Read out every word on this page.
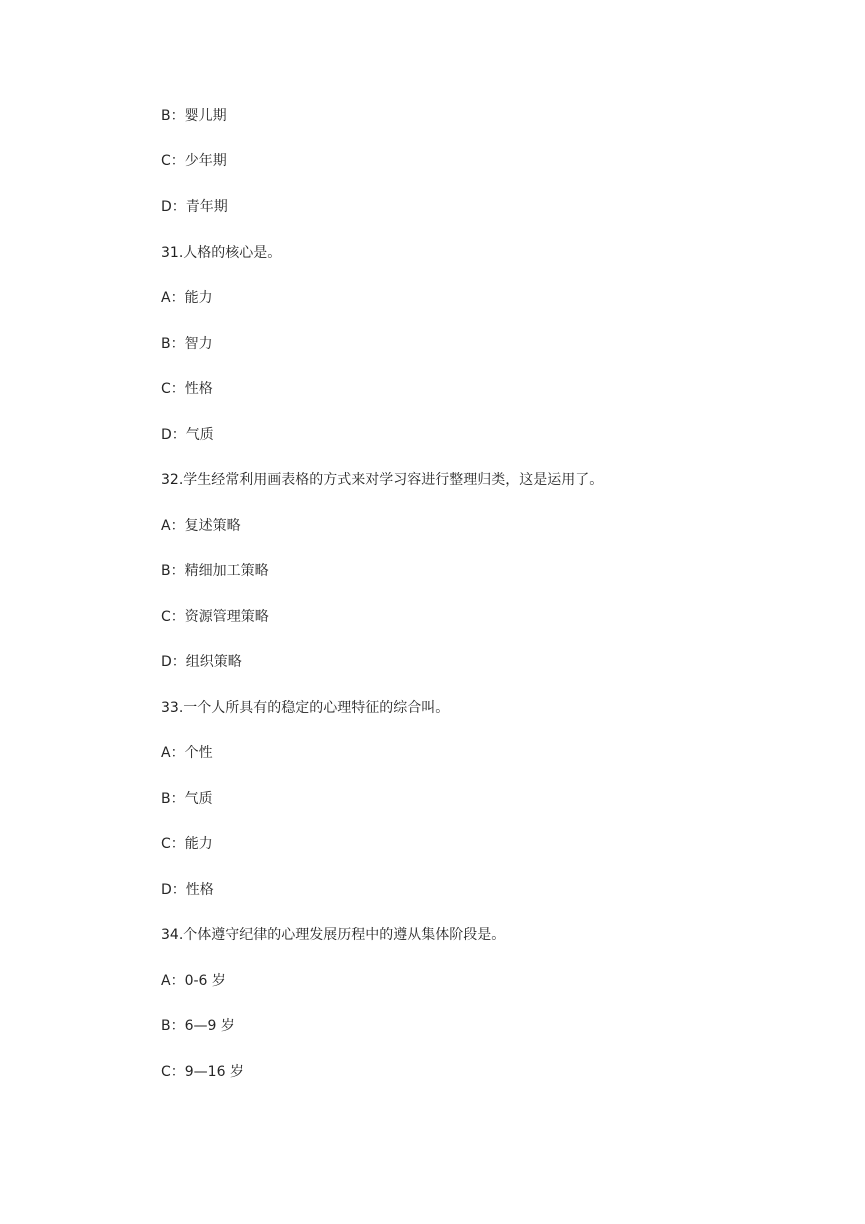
B：婴儿期
C：少年期
D：青年期
31.人格的核心是。
A：能力
B：智力
C：性格
D：气质
32.学生经常利用画表格的方式来对学习容进行整理归类，这是运用了。
A：复述策略
B：精细加工策略
C：资源管理策略
D：组织策略
33.一个人所具有的稳定的心理特征的综合叫。
A：个性
B：气质
C：能力
D：性格
34.个体遵守纪律的心理发展历程中的遵从集体阶段是。
A：0-6 岁
B：6—9 岁
C：9—16 岁
